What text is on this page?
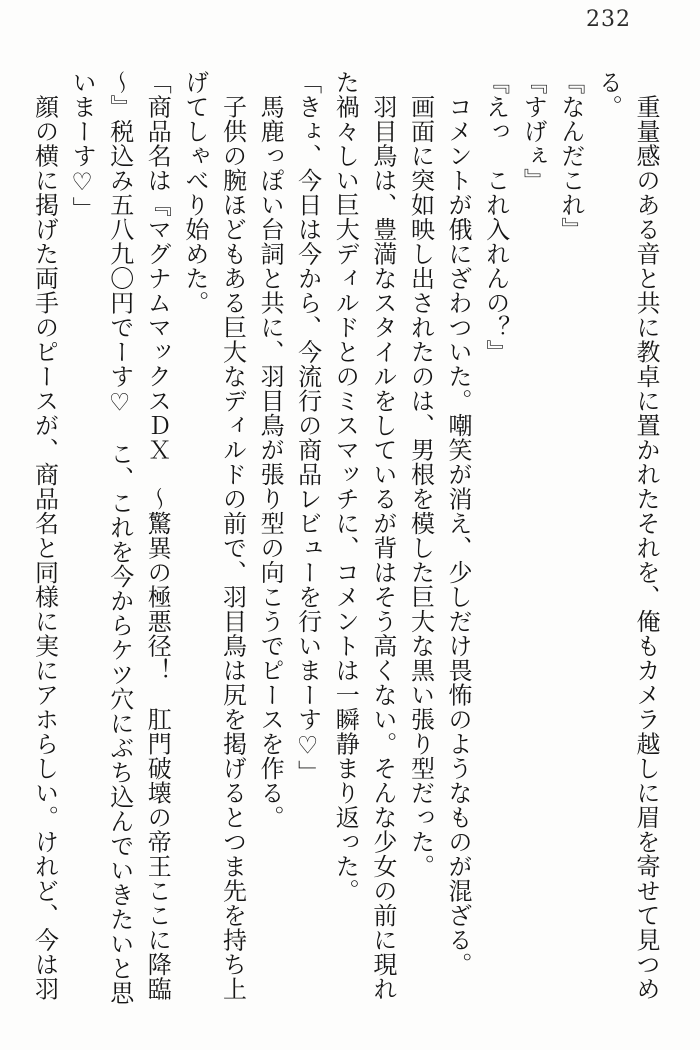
232

　重量感のある音と共に教卓に置かれたそれを、俺もカメラ越しに眉を寄せて見つめ

る。

『なんだこれ』

『すげぇ』

『えっ　これ入れんの？』

　コメントが俄にざわついた。嘲笑が消え、少しだけ畏怖のようなものが混ざる。

　画面に突如映し出されたのは、男根を模した巨大な黒い張り型だった。

　羽目鳥は、豊満なスタイルをしているが背はそう高くない。そんな少女の前に現れ

た禍々しい巨大ディルドとのミスマッチに、コメントは一瞬静まり返った。

「きょ、今日は今から、今流行の商品レビューを行いまーす♡」

　馬鹿っぽい台詞と共に、羽目鳥が張り型の向こうでピースを作る。

　子供の腕ほどもある巨大なディルドの前で、羽目鳥は尻を掲げるとつま先を持ち上

げてしゃべり始めた。

「商品名は『マグナムマックスＤＸ　～驚異の極悪径！　肛門破壊の帝王ここに降臨

～』税込み五八九〇円でーす♡　こ、これを今からケツ穴にぶち込んでいきたいと思

いまーす♡」

　顔の横に掲げた両手のピースが、商品名と同様に実にアホらしい。けれど、今は羽
